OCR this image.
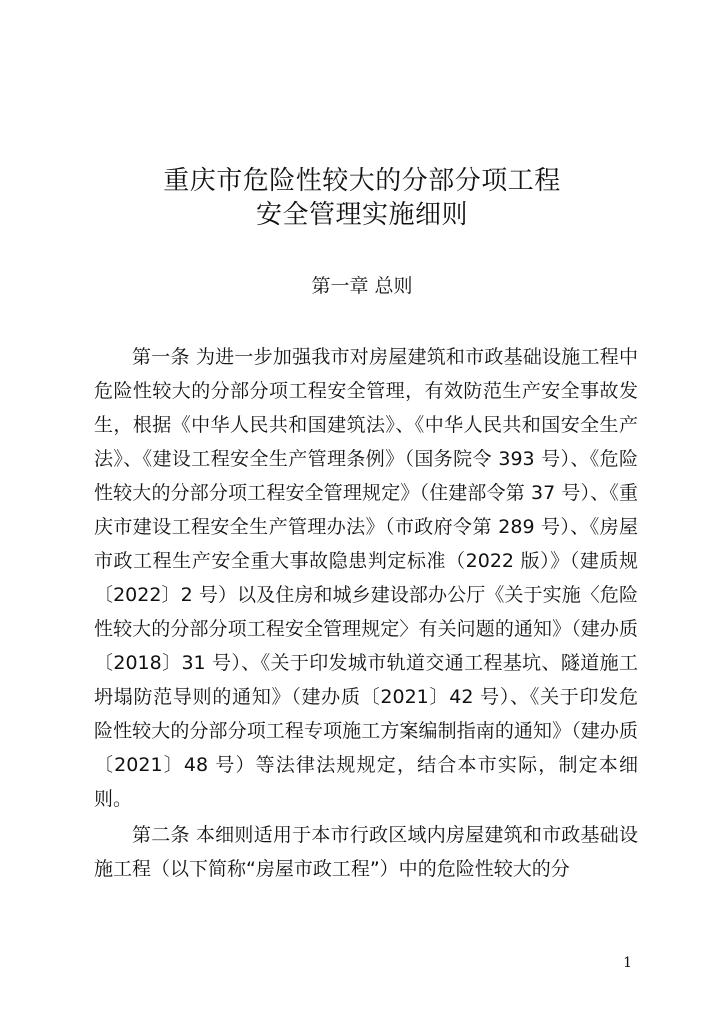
重庆市危险性较大的分部分项工程
安全管理实施细则
第一章 总则

第一条 为进一步加强我市对房屋建筑和市政基础设施工程中危险性较大的分部分项工程安全管理，有效防范生产安全事故发生，根据《中华人民共和国建筑法》、《中华人民共和国安全生产法》、《建设工程安全生产管理条例》（国务院令 393 号）、《危险性较大的分部分项工程安全管理规定》（住建部令第 37 号）、《重庆市建设工程安全生产管理办法》（市政府令第 289 号）、《房屋市政工程生产安全重大事故隐患判定标准（2022 版）》（建质规〔2022〕2 号）以及住房和城乡建设部办公厅《关于实施〈危险性较大的分部分项工程安全管理规定〉有关问题的通知》（建办质〔2018〕31 号）、《关于印发城市轨道交通工程基坑、隧道施工坍塌防范导则的通知》（建办质〔2021〕42 号）、《关于印发危险性较大的分部分项工程专项施工方案编制指南的通知》（建办质〔2021〕48 号）等法律法规规定，结合本市实际，制定本细则。

第二条 本细则适用于本市行政区域内房屋建筑和市政基础设施工程（以下简称“房屋市政工程”）中的危险性较大的分

1
